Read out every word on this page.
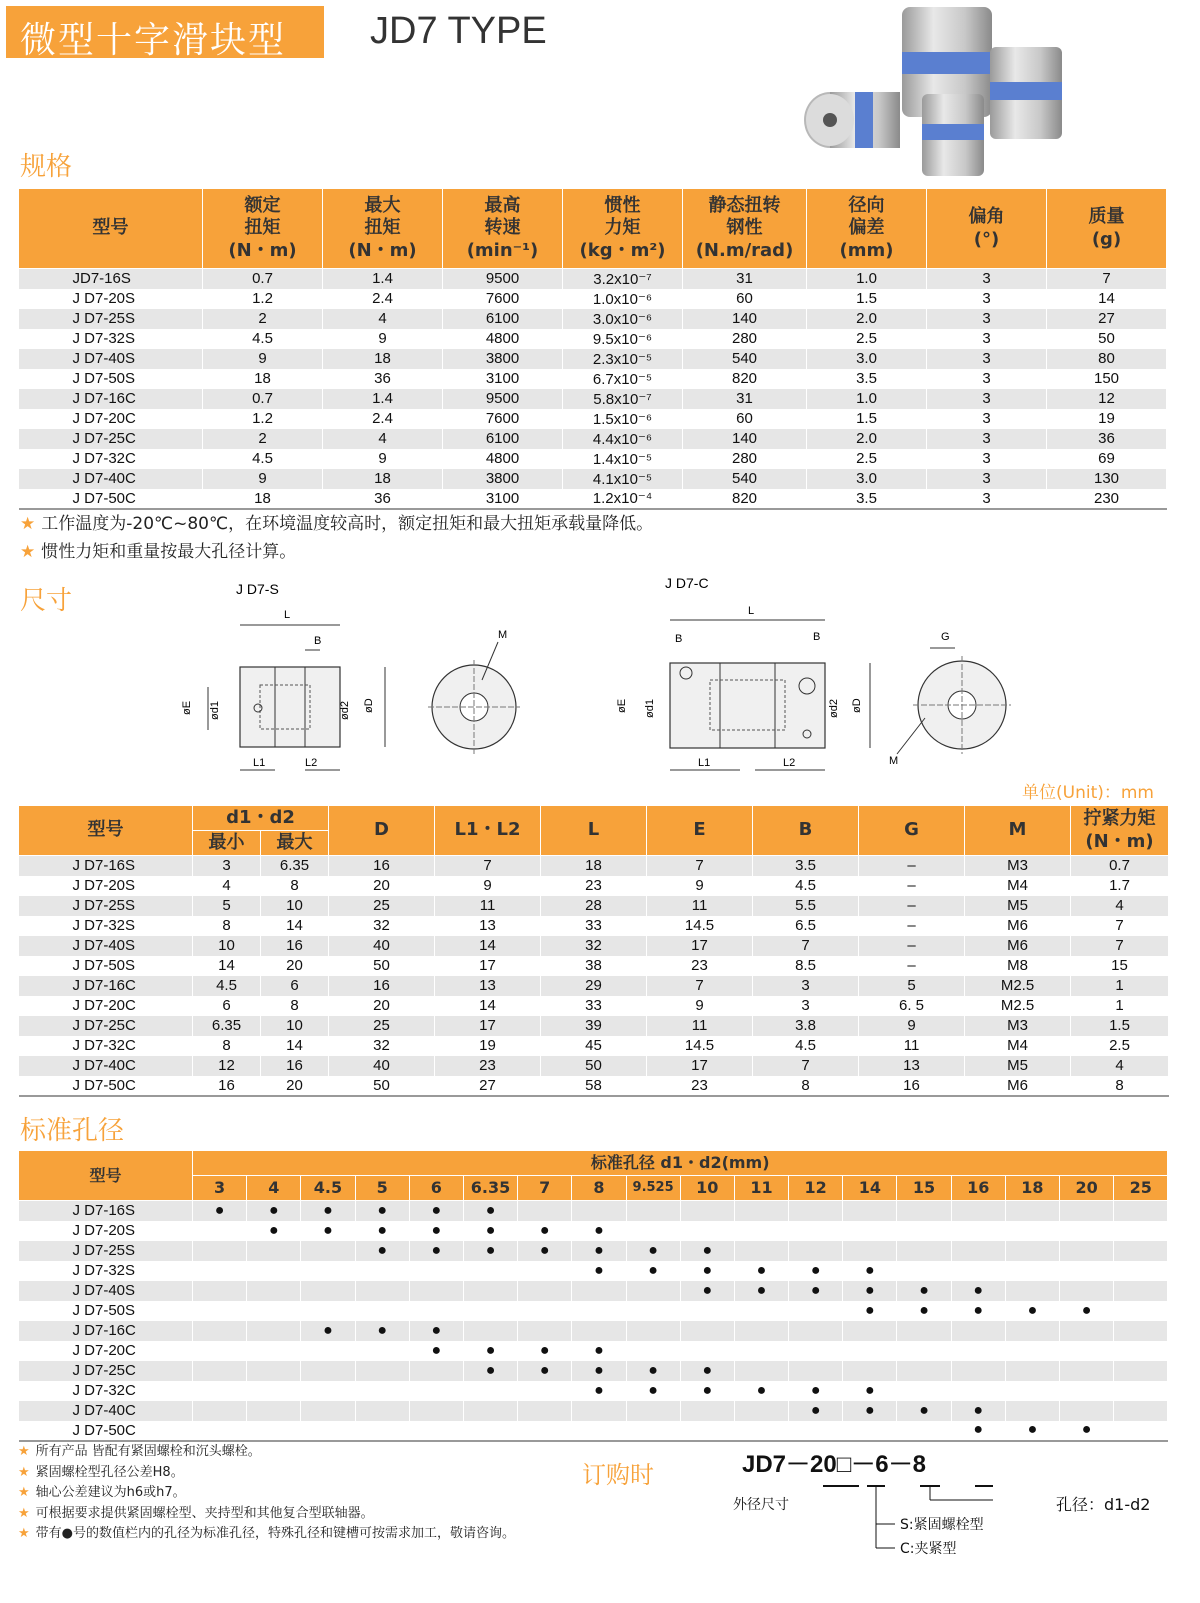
微型十字滑块型 JD7 TYPE
规格
型号	额定
扭矩
(N・m)	最大
扭矩
(N・m)	最高
转速
(min⁻¹)	惯性
力矩
(kg・m²)	静态扭转
钢性
(N.m/rad)	径向
偏差
(mm)	偏角
(°)	质量
(g)
JD7-16S	0.7	1.4	9500	3.2x10⁻⁷	31	1.0	3	7
J D7-20S	1.2	2.4	7600	1.0x10⁻⁶	60	1.5	3	14
J D7-25S	2	4	6100	3.0x10⁻⁶	140	2.0	3	27
J D7-32S	4.5	9	4800	9.5x10⁻⁶	280	2.5	3	50
J D7-40S	9	18	3800	2.3x10⁻⁵	540	3.0	3	80
J D7-50S	18	36	3100	6.7x10⁻⁵	820	3.5	3	150
J D7-16C	0.7	1.4	9500	5.8x10⁻⁷	31	1.0	3	12
J D7-20C	1.2	2.4	7600	1.5x10⁻⁶	60	1.5	3	19
J D7-25C	2	4	6100	4.4x10⁻⁶	140	2.0	3	36
J D7-32C	4.5	9	4800	1.4x10⁻⁵	280	2.5	3	69
J D7-40C	9	18	3800	4.1x10⁻⁵	540	3.0	3	130
J D7-50C	18	36	3100	1.2x10⁻⁴	820	3.5	3	230
★ 工作温度为-20℃~80℃，在环境温度较高时，额定扭矩和最大扭矩承载量降低。
★ 惯性力矩和重量按最大孔径计算。
尺寸	J D7-S
L
B
øE ød1	ød2 øD
L1	L2
M
J D7-C
L
B	B
øE ød1	ød2 øD
L1	L2
G
M
单位(Unit)：mm
型号	d1・d2		D	L1・L2	L	E	B	G	M	拧紧力矩
(N・m)
	最小	最大								
J D7-16S	3	6.35	16	7	18	7	3.5	–	M3	0.7
J D7-20S	4	8	20	9	23	9	4.5	–	M4	1.7
J D7-25S	5	10	25	11	28	11	5.5	–	M5	4
J D7-32S	8	14	32	13	33	14.5	6.5	–	M6	7
J D7-40S	10	16	40	14	32	17	7	–	M6	7
J D7-50S	14	20	50	17	38	23	8.5	–	M8	15
J D7-16C	4.5	6	16	13	29	7	3	5	M2.5	1
J D7-20C	6	8	20	14	33	9	3	6. 5	M2.5	1
J D7-25C	6.35	10	25	17	39	11	3.8	9	M3	1.5
J D7-32C	8	14	32	19	45	14.5	4.5	11	M4	2.5
J D7-40C	12	16	40	23	50	17	7	13	M5	4
J D7-50C	16	20	50	27	58	23	8	16	M6	8
标准孔径
型号	标准孔径 d1・d2(mm)																	
	3	4	4.5	5	6	6.35	7	8	9.525	10	11	12	14	15	16	18	20	25
J D7-16S	●	●	●	●	●	●												
J D7-20S		●	●	●	●	●	●	●										
J D7-25S				●	●	●	●	●	●	●								
J D7-32S								●	●	●	●	●	●					
J D7-40S										●	●	●	●	●	●			
J D7-50S													●	●	●	●	●	
J D7-16C			●	●	●													
J D7-20C					●	●	●	●										
J D7-25C						●	●	●	●	●								
J D7-32C								●	●	●	●	●	●					
J D7-40C												●	●	●	●			
J D7-50C															●	●	●	
★ 所有产品 皆配有紧固螺栓和沉头螺栓。
★ 紧固螺栓型孔径公差H8。
★ 轴心公差建议为h6或h7。
★ 可根据要求提供紧固螺栓型、夹持型和其他复合型联轴器。
★ 带有●号的数值栏内的孔径为标准孔径，特殊孔径和键槽可按需求加工，敬请咨询。
订购时	JD7－20□－6－8
外径尺寸	孔径：d1-d2
S:紧固螺栓型
C:夹紧型
